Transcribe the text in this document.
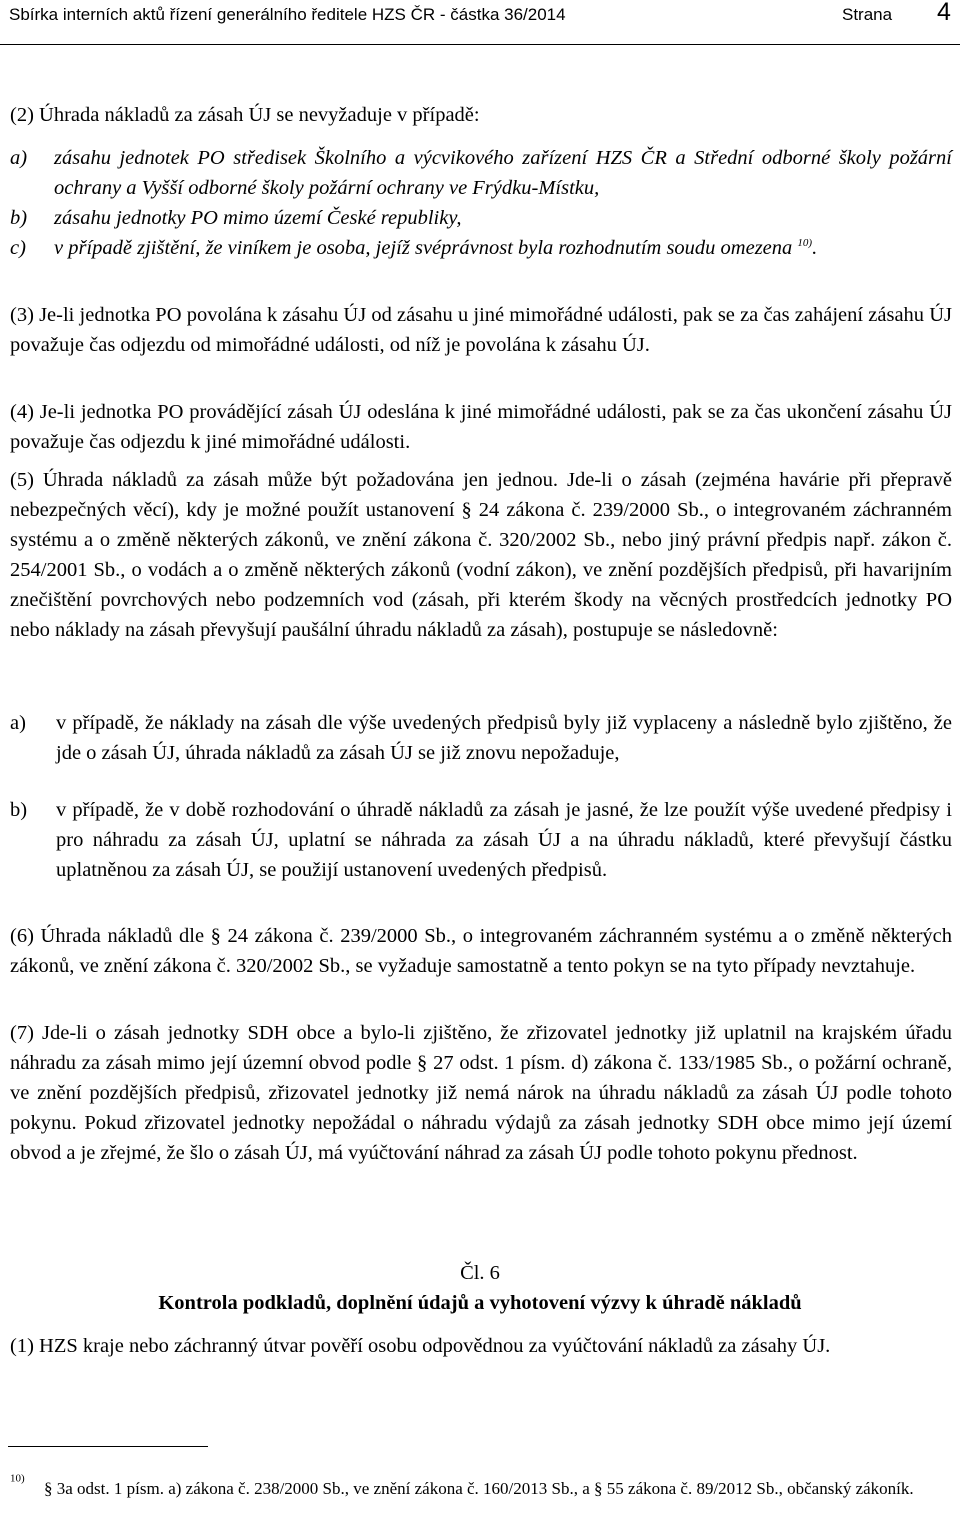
Sbírka interních aktů řízení generálního ředitele HZS ČR - částka 36/2014	Strana 4
(2) Úhrada nákladů za zásah ÚJ se nevyžaduje v případě:
a) zásahu jednotek PO středisek Školního a výcvikového zařízení HZS ČR a Střední odborné školy požární ochrany a Vyšší odborné školy požární ochrany ve Frýdku-Místku,
b) zásahu jednotky PO mimo území České republiky,
c) v případě zjištění, že viníkem je osoba, jejíž svéprávnost byla rozhodnutím soudu omezena $^{10)}$.
(3) Je-li jednotka PO povolána k zásahu ÚJ od zásahu u jiné mimořádné události, pak se za čas zahájení zásahu ÚJ považuje čas odjezdu od mimořádné události, od níž je povolána k zásahu ÚJ.
(4) Je-li jednotka PO provádějící zásah ÚJ odeslána k jiné mimořádné události, pak se za čas ukončení zásahu ÚJ považuje čas odjezdu k jiné mimořádné události.
(5) Úhrada nákladů za zásah může být požadována jen jednou. Jde-li o zásah (zejména havárie při přepravě nebezpečných věcí), kdy je možné použít ustanovení § 24 zákona č. 239/2000 Sb., o integrovaném záchranném systému a o změně některých zákonů, ve znění zákona č. 320/2002 Sb., nebo jiný právní předpis např. zákon č. 254/2001 Sb., o vodách a o změně některých zákonů (vodní zákon), ve znění pozdějších předpisů, při havarijním znečištění povrchových nebo podzemních vod (zásah, při kterém škody na věcných prostředcích jednotky PO nebo náklady na zásah převyšují paušální úhradu nákladů za zásah), postupuje se následovně:
a) v případě, že náklady na zásah dle výše uvedených předpisů byly již vyplaceny a následně bylo zjištěno, že jde o zásah ÚJ, úhrada nákladů za zásah ÚJ se již znovu nepožaduje,
b) v případě, že v době rozhodování o úhradě nákladů za zásah je jasné, že lze použít výše uvedené předpisy i pro náhradu za zásah ÚJ, uplatní se náhrada za zásah ÚJ a na úhradu nákladů, které převyšují částku uplatněnou za zásah ÚJ, se použijí ustanovení uvedených předpisů.
(6) Úhrada nákladů dle § 24 zákona č. 239/2000 Sb., o integrovaném záchranném systému a o změně některých zákonů, ve znění zákona č. 320/2002 Sb., se vyžaduje samostatně a tento pokyn se na tyto případy nevztahuje.
(7) Jde-li o zásah jednotky SDH obce a bylo-li zjištěno, že zřizovatel jednotky již uplatnil na krajském úřadu náhradu za zásah mimo její územní obvod podle § 27 odst. 1 písm. d) zákona č. 133/1985 Sb., o požární ochraně, ve znění pozdějších předpisů, zřizovatel jednotky již nemá nárok na úhradu nákladů za zásah ÚJ podle tohoto pokynu. Pokud zřizovatel jednotky nepožádal o náhradu výdajů za zásah jednotky SDH obce mimo její území obvod a je zřejmé, že šlo o zásah ÚJ, má vyúčtování náhrad za zásah ÚJ podle tohoto pokynu přednost.
Čl. 6
Kontrola podkladů, doplnění údajů a vyhotovení výzvy k úhradě nákladů
(1) HZS kraje nebo záchranný útvar pověří osobu odpovědnou za vyúčtování nákladů za zásahy ÚJ.
$^{10)}$
§ 3a odst. 1 písm. a) zákona č. 238/2000 Sb., ve znění zákona č. 160/2013 Sb., a § 55 zákona č. 89/2012 Sb., občanský zákoník.
